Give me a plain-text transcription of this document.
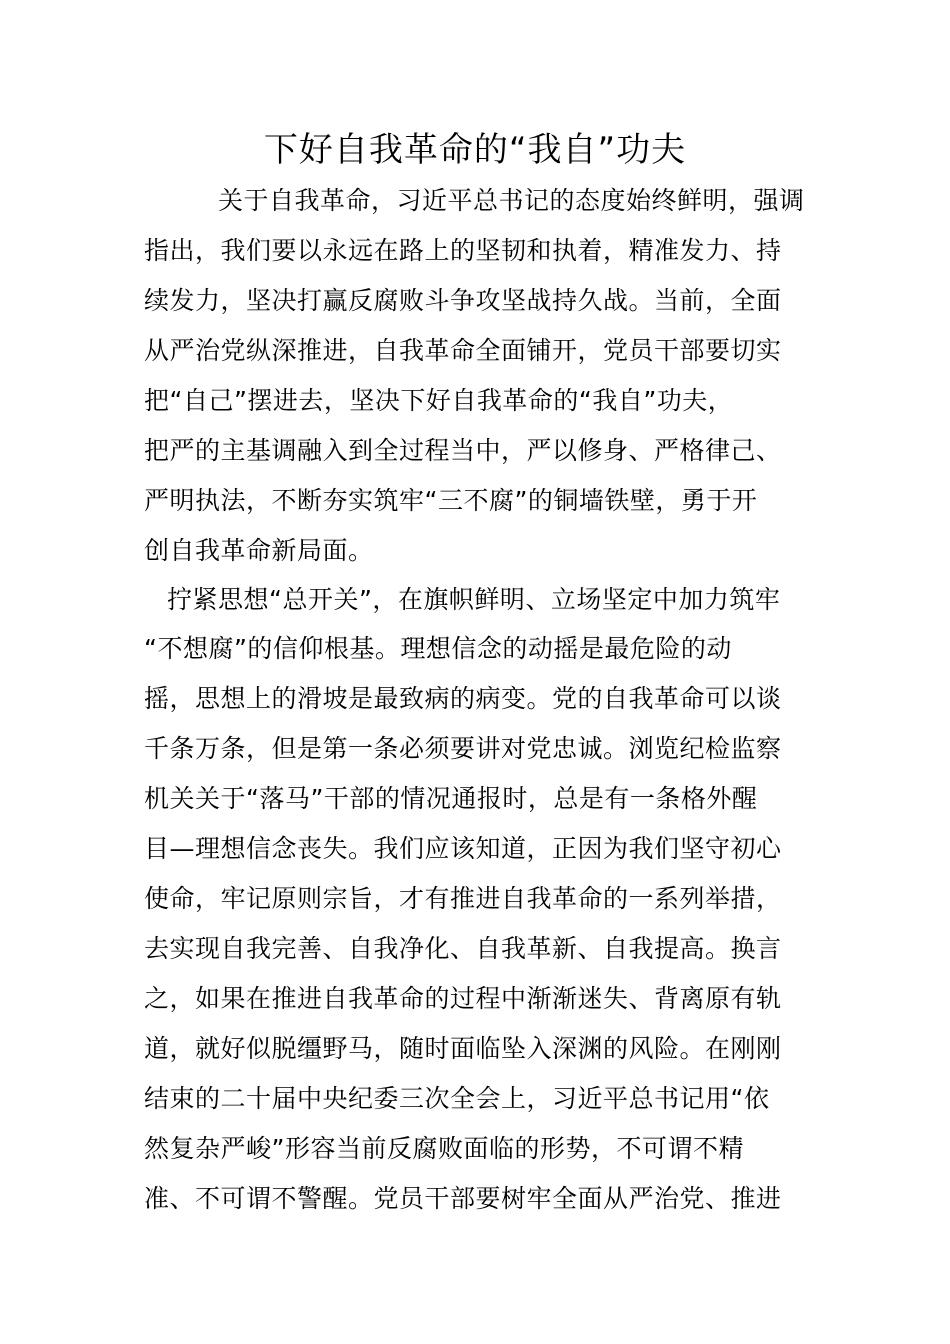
下好自我革命的“我自”功夫
关于自我革命，习近平总书记的态度始终鲜明，强调
指出，我们要以永远在路上的坚韧和执着，精准发力、持
续发力，坚决打赢反腐败斗争攻坚战持久战。当前，全面
从严治党纵深推进，自我革命全面铺开，党员干部要切实
把“自己”摆进去，坚决下好自我革命的“我自”功夫，
把严的主基调融入到全过程当中，严以修身、严格律己、
严明执法，不断夯实筑牢“三不腐”的铜墙铁壁，勇于开
创自我革命新局面。
拧紧思想“总开关”，在旗帜鲜明、立场坚定中加力筑牢
“不想腐”的信仰根基。理想信念的动摇是最危险的动
摇，思想上的滑坡是最致病的病变。党的自我革命可以谈
千条万条，但是第一条必须要讲对党忠诚。浏览纪检监察
机关关于“落马”干部的情况通报时，总是有一条格外醒
目—理想信念丧失。我们应该知道，正因为我们坚守初心
使命，牢记原则宗旨，才有推进自我革命的一系列举措，
去实现自我完善、自我净化、自我革新、自我提高。换言
之，如果在推进自我革命的过程中渐渐迷失、背离原有轨
道，就好似脱缰野马，随时面临坠入深渊的风险。在刚刚
结束的二十届中央纪委三次全会上，习近平总书记用“依
然复杂严峻”形容当前反腐败面临的形势，不可谓不精
准、不可谓不警醒。党员干部要树牢全面从严治党、推进
